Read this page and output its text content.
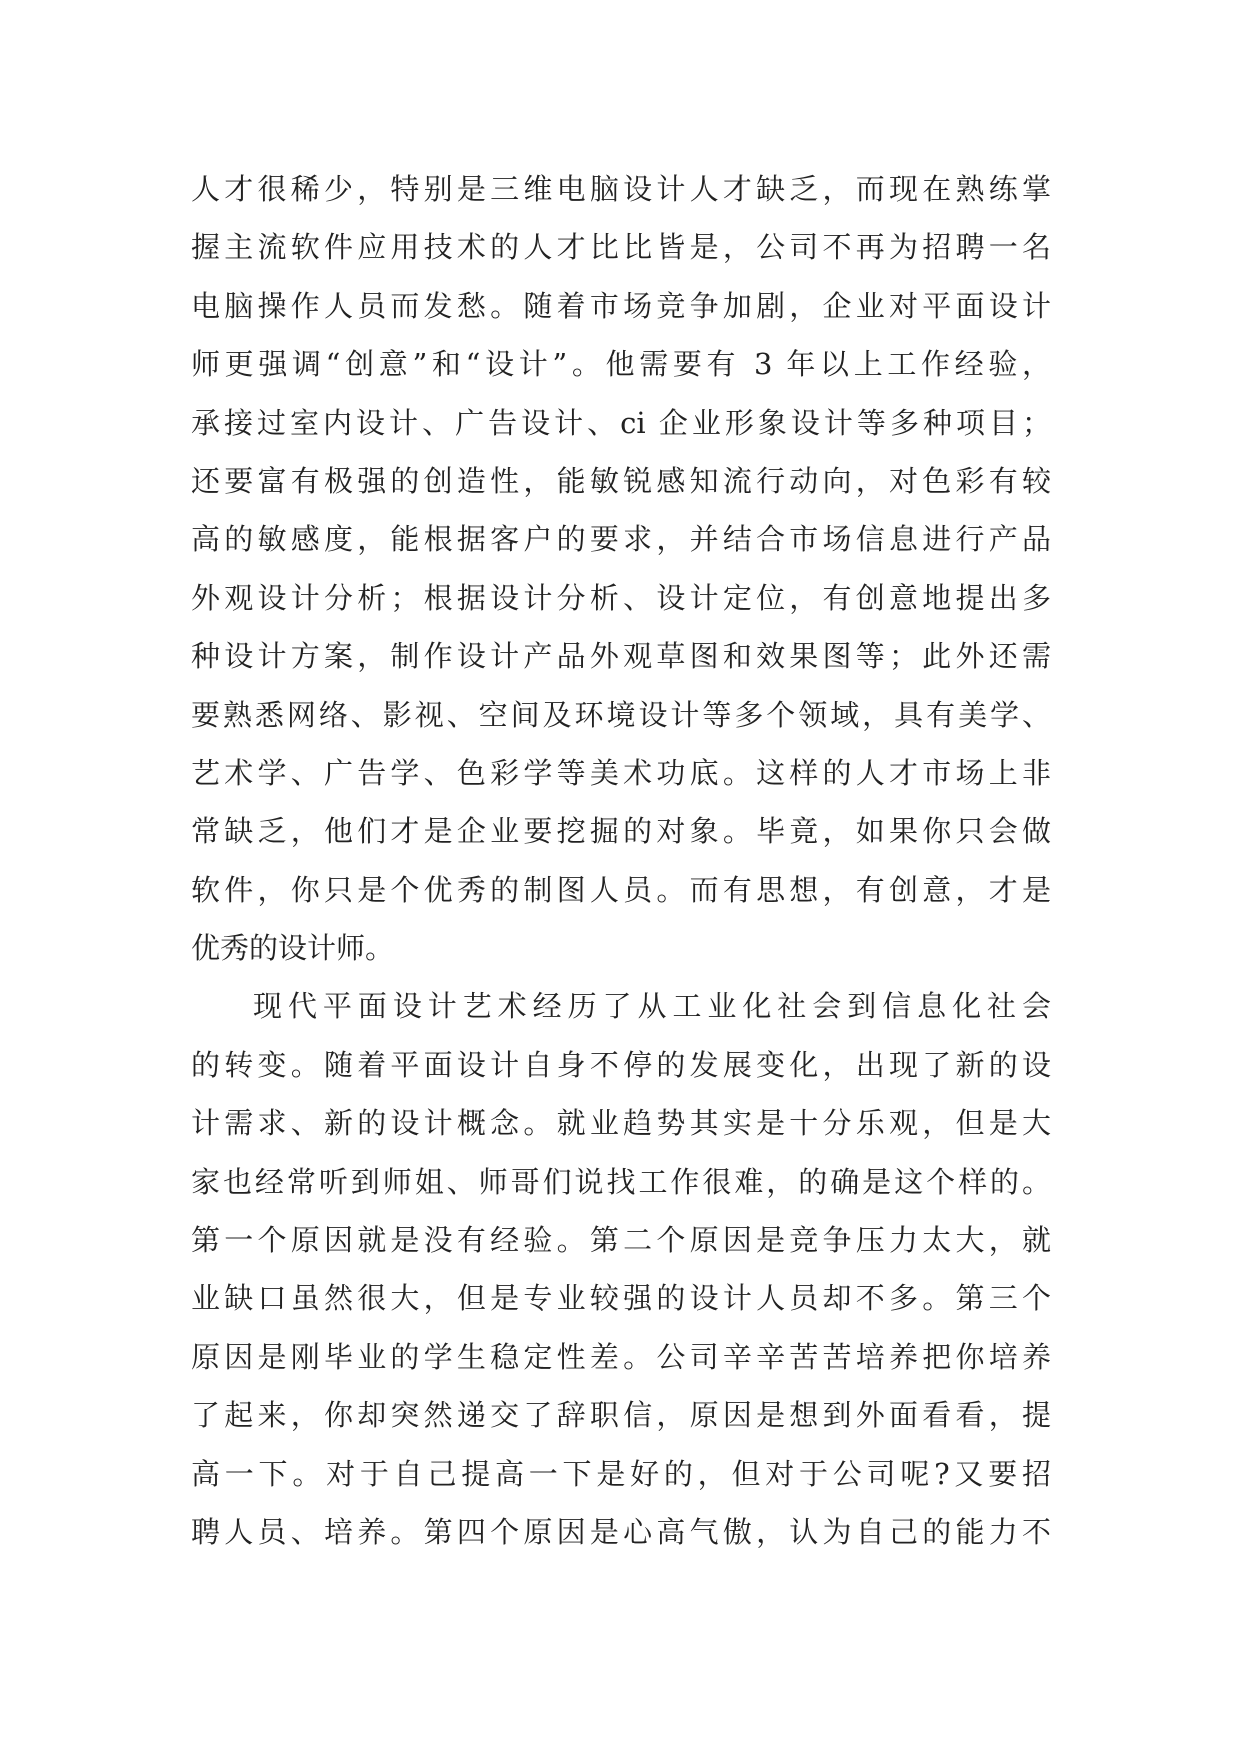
人才很稀少，特别是三维电脑设计人才缺乏，而现在熟练掌
握主流软件应用技术的人才比比皆是，公司不再为招聘一名
电脑操作人员而发愁。随着市场竞争加剧，企业对平面设计
师更强调“创意”和“设计”。他需要有 3 年以上工作经验，
承接过室内设计、广告设计、ci 企业形象设计等多种项目；
还要富有极强的创造性，能敏锐感知流行动向，对色彩有较
高的敏感度，能根据客户的要求，并结合市场信息进行产品
外观设计分析；根据设计分析、设计定位，有创意地提出多
种设计方案，制作设计产品外观草图和效果图等；此外还需
要熟悉网络、影视、空间及环境设计等多个领域，具有美学、
艺术学、广告学、色彩学等美术功底。这样的人才市场上非
常缺乏，他们才是企业要挖掘的对象。毕竟，如果你只会做
软件，你只是个优秀的制图人员。而有思想，有创意，才是
优秀的设计师。
现代平面设计艺术经历了从工业化社会到信息化社会
的转变。随着平面设计自身不停的发展变化，出现了新的设
计需求、新的设计概念。就业趋势其实是十分乐观，但是大
家也经常听到师姐、师哥们说找工作很难，的确是这个样的。
第一个原因就是没有经验。第二个原因是竞争压力太大，就
业缺口虽然很大，但是专业较强的设计人员却不多。第三个
原因是刚毕业的学生稳定性差。公司辛辛苦苦培养把你培养
了起来，你却突然递交了辞职信，原因是想到外面看看，提
高一下。对于自己提高一下是好的，但对于公司呢?又要招
聘人员、培养。第四个原因是心高气傲，认为自己的能力不
